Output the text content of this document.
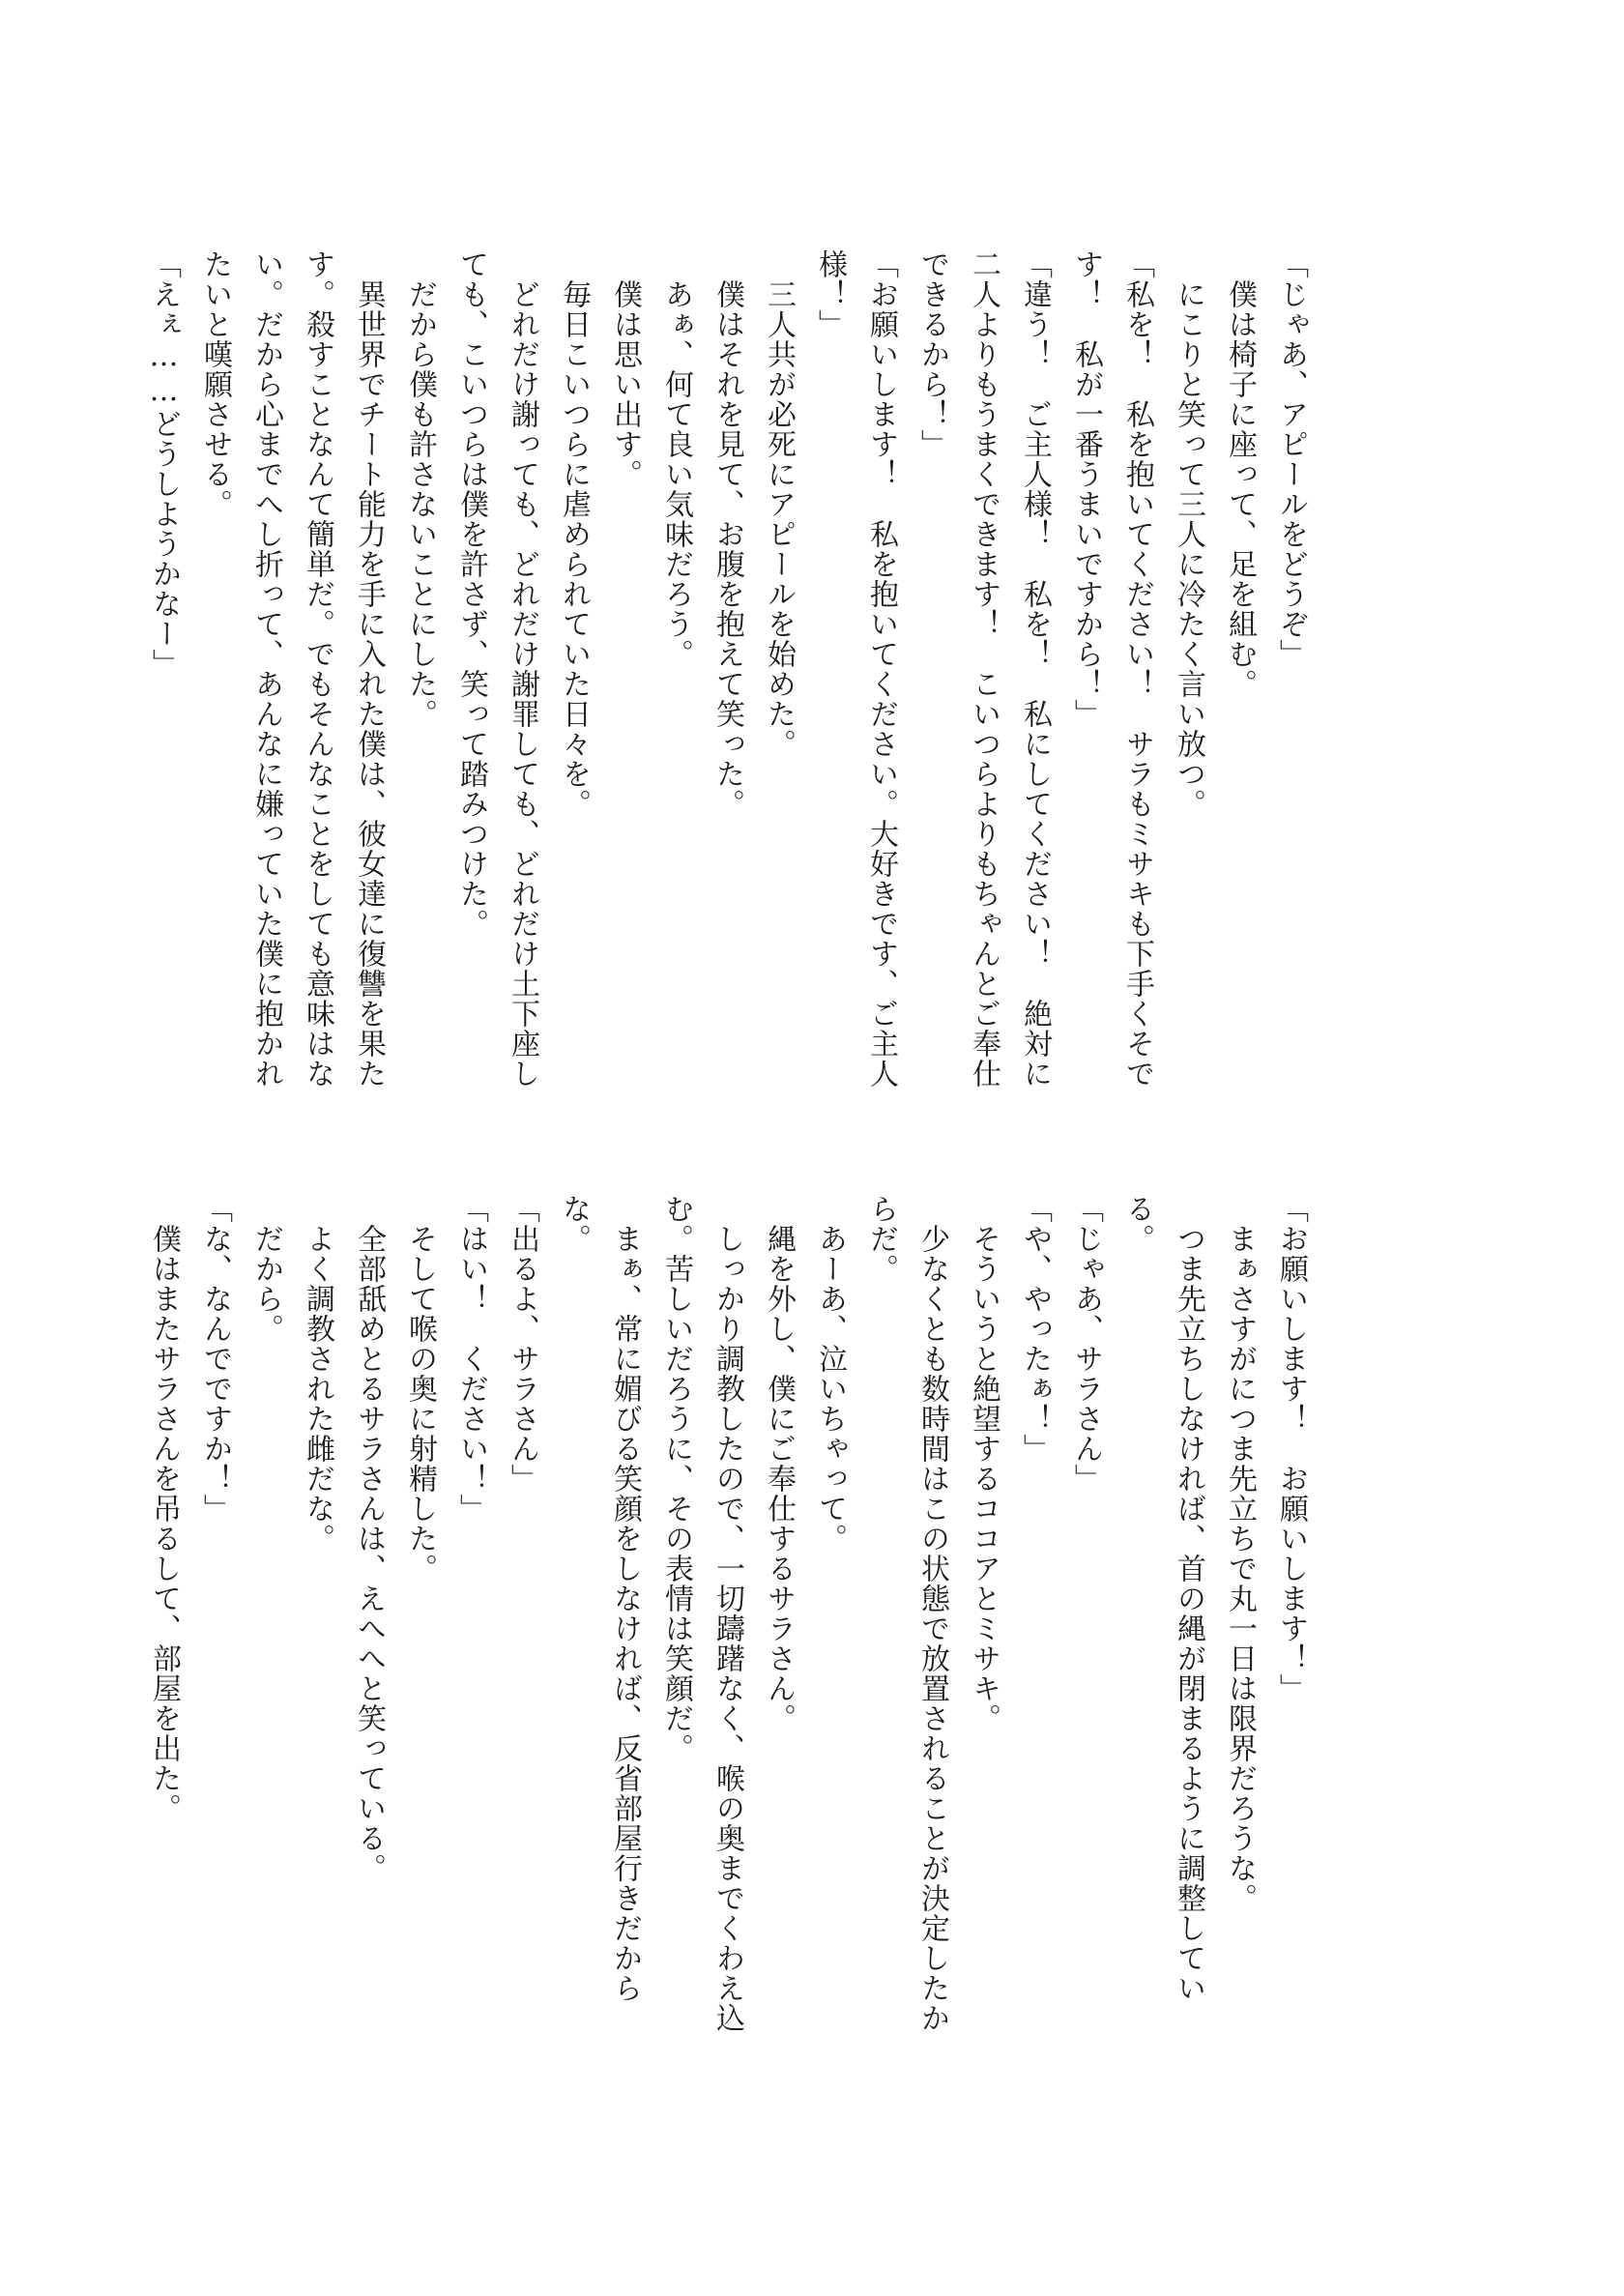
「じゃあ、アピールをどうぞ」
　僕は椅子に座って、足を組む。
　にこりと笑って三人に冷たく言い放つ。
「私を！　私を抱いてください！　サラもミサキも下手くそで
す！　私が一番うまいですから！」
「違う！　ご主人様！　私を！　私にしてください！　絶対に
二人よりもうまくできます！　こいつらよりもちゃんとご奉仕
できるから！」
「お願いします！　私を抱いてください。大好きです、ご主人
様！」
　三人共が必死にアピールを始めた。
　僕はそれを見て、お腹を抱えて笑った。
　あぁ、何て良い気味だろう。
　僕は思い出す。
　毎日こいつらに虐められていた日々を。
　どれだけ謝っても、どれだけ謝罪しても、どれだけ土下座し
ても、こいつらは僕を許さず、笑って踏みつけた。
　だから僕も許さないことにした。
　異世界でチート能力を手に入れた僕は、彼女達に復讐を果た
す。殺すことなんて簡単だ。でもそんなことをしても意味はな
い。だから心までへし折って、あんなに嫌っていた僕に抱かれ
たいと嘆願させる。
「えぇ……どうしようかなー」
「お願いします！　お願いします！」
　まぁさすがにつま先立ちで丸一日は限界だろうな。
　つま先立ちしなければ、首の縄が閉まるように調整してい
る。
「じゃあ、サラさん」
「や、やったぁ！」
　そういうと絶望するココアとミサキ。
　少なくとも数時間はこの状態で放置されることが決定したか
らだ。
　あーあ、泣いちゃって。
　縄を外し、僕にご奉仕するサラさん。
　しっかり調教したので、一切躊躇なく、喉の奥までくわえ込
む。苦しいだろうに、その表情は笑顔だ。
　まぁ、常に媚びる笑顔をしなければ、反省部屋行きだから
な。
「出るよ、サラさん」
「はい！　ください！」
　そして喉の奥に射精した。
　全部舐めとるサラさんは、えへへと笑っている。
　よく調教された雌だな。
　だから。
「な、なんでですか！」
　僕はまたサラさんを吊るして、部屋を出た。
